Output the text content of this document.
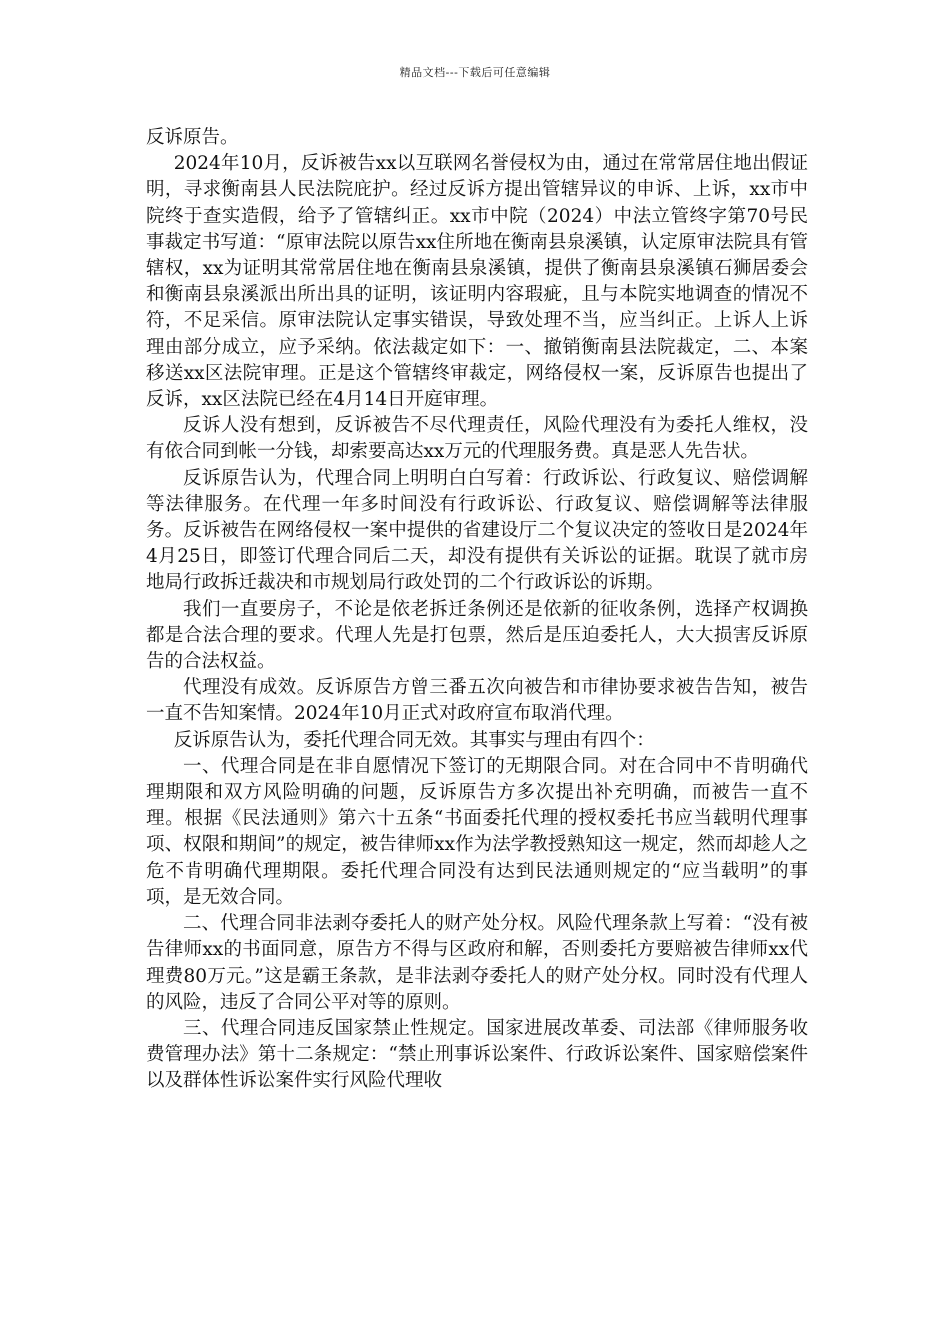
精品文档---下载后可任意编辑

反诉原告。

2024年10月，反诉被告xx以互联网名誉侵权为由，通过在常常居住地出假证明，寻求衡南县人民法院庇护。经过反诉方提出管辖异议的申诉、上诉，xx市中院终于查实造假，给予了管辖纠正。xx市中院（2024）中法立管终字第70号民事裁定书写道：“原审法院以原告xx住所地在衡南县泉溪镇，认定原审法院具有管辖权，xx为证明其常常居住地在衡南县泉溪镇，提供了衡南县泉溪镇石狮居委会和衡南县泉溪派出所出具的证明，该证明内容瑕疵，且与本院实地调查的情况不符，不足采信。原审法院认定事实错误，导致处理不当，应当纠正。上诉人上诉理由部分成立，应予采纳。依法裁定如下：一、撤销衡南县法院裁定，二、本案移送xx区法院审理。正是这个管辖终审裁定，网络侵权一案，反诉原告也提出了反诉，xx区法院已经在4月14日开庭审理。

反诉人没有想到，反诉被告不尽代理责任，风险代理没有为委托人维权，没有依合同到帐一分钱，却索要高达xx万元的代理服务费。真是恶人先告状。

反诉原告认为，代理合同上明明白白写着：行政诉讼、行政复议、赔偿调解等法律服务。在代理一年多时间没有行政诉讼、行政复议、赔偿调解等法律服务。反诉被告在网络侵权一案中提供的省建设厅二个复议决定的签收日是2024年4月25日，即签订代理合同后二天，却没有提供有关诉讼的证据。耽误了就市房地局行政拆迁裁决和市规划局行政处罚的二个行政诉讼的诉期。

我们一直要房子，不论是依老拆迁条例还是依新的征收条例，选择产权调换都是合法合理的要求。代理人先是打包票，然后是压迫委托人，大大损害反诉原告的合法权益。

代理没有成效。反诉原告方曾三番五次向被告和市律协要求被告告知，被告一直不告知案情。2024年10月正式对政府宣布取消代理。

反诉原告认为，委托代理合同无效。其事实与理由有四个：

一、代理合同是在非自愿情况下签订的无期限合同。对在合同中不肯明确代理期限和双方风险明确的问题，反诉原告方多次提出补充明确，而被告一直不理。根据《民法通则》第六十五条“书面委托代理的授权委托书应当载明代理事项、权限和期间”的规定，被告律师xx作为法学教授熟知这一规定，然而却趁人之危不肯明确代理期限。委托代理合同没有达到民法通则规定的“应当载明”的事项，是无效合同。

二、代理合同非法剥夺委托人的财产处分权。风险代理条款上写着：“没有被告律师xx的书面同意，原告方不得与区政府和解，否则委托方要赔被告律师xx代理费80万元。”这是霸王条款，是非法剥夺委托人的财产处分权。同时没有代理人的风险，违反了合同公平对等的原则。

三、代理合同违反国家禁止性规定。国家进展改革委、司法部《律师服务收费管理办法》第十二条规定：“禁止刑事诉讼案件、行政诉讼案件、国家赔偿案件以及群体性诉讼案件实行风险代理收
